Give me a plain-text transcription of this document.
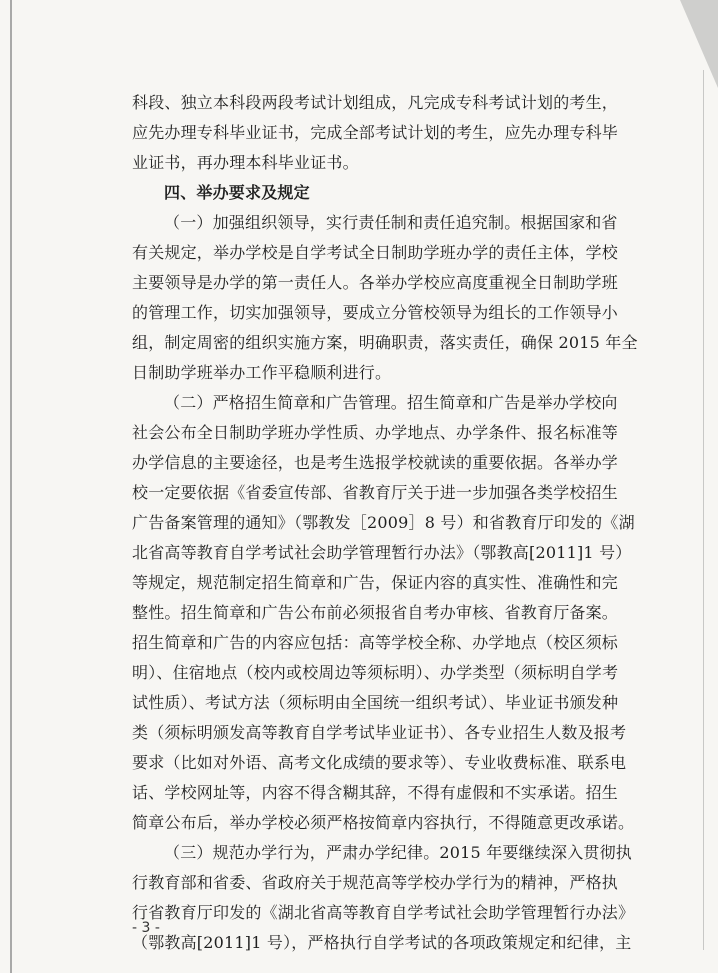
科段、独立本科段两段考试计划组成，凡完成专科考试计划的考生，
应先办理专科毕业证书，完成全部考试计划的考生，应先办理专科毕
业证书，再办理本科毕业证书。
四、举办要求及规定
（一）加强组织领导，实行责任制和责任追究制。根据国家和省
有关规定，举办学校是自学考试全日制助学班办学的责任主体，学校
主要领导是办学的第一责任人。各举办学校应高度重视全日制助学班
的管理工作，切实加强领导，要成立分管校领导为组长的工作领导小
组，制定周密的组织实施方案，明确职责，落实责任，确保 2015 年全
日制助学班举办工作平稳顺利进行。
（二）严格招生简章和广告管理。招生简章和广告是举办学校向
社会公布全日制助学班办学性质、办学地点、办学条件、报名标准等
办学信息的主要途径，也是考生选报学校就读的重要依据。各举办学
校一定要依据《省委宣传部、省教育厅关于进一步加强各类学校招生
广告备案管理的通知》（鄂教发［2009］8 号）和省教育厅印发的《湖
北省高等教育自学考试社会助学管理暂行办法》（鄂教高[2011]1 号）
等规定，规范制定招生简章和广告，保证内容的真实性、准确性和完
整性。招生简章和广告公布前必须报省自考办审核、省教育厅备案。
招生简章和广告的内容应包括：高等学校全称、办学地点（校区须标
明）、住宿地点（校内或校周边等须标明）、办学类型（须标明自学考
试性质）、考试方法（须标明由全国统一组织考试）、毕业证书颁发种
类（须标明颁发高等教育自学考试毕业证书）、各专业招生人数及报考
要求（比如对外语、高考文化成绩的要求等）、专业收费标准、联系电
话、学校网址等，内容不得含糊其辞，不得有虚假和不实承诺。招生
简章公布后，举办学校必须严格按简章内容执行，不得随意更改承诺。
（三）规范办学行为，严肃办学纪律。2015 年要继续深入贯彻执
行教育部和省委、省政府关于规范高等学校办学行为的精神，严格执
行省教育厅印发的《湖北省高等教育自学考试社会助学管理暂行办法》
（鄂教高[2011]1 号），严格执行自学考试的各项政策规定和纪律，主
- 3 -
